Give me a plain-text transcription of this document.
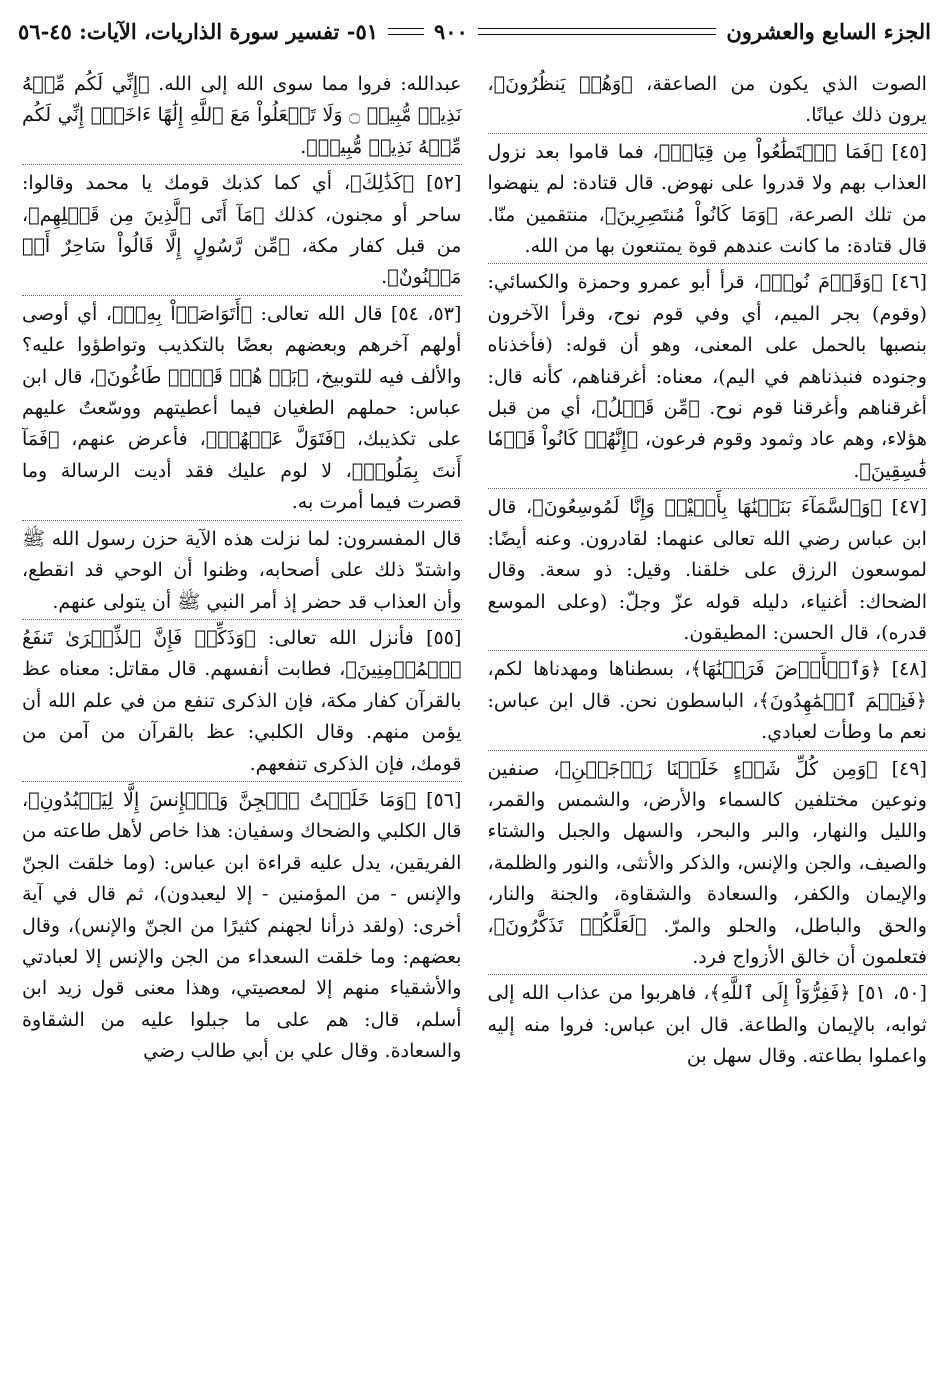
الجزء السابع والعشرون
٩٠٠
٥١- تفسير سورة الذاريات، الآيات: ٤٥-٥٦

الصوت الذي يكون من الصاعقة، ﴿وَهُمۡ يَنظُرُونَ﴾، يرون ذلك عيانًا.

[٤٥] ﴿فَمَا ٱسۡتَطَٰعُواْ مِن قِيَامٖ﴾، فما قاموا بعد نزول العذاب بهم ولا قدروا على نهوض. قال قتادة: لم ينهضوا من تلك الصرعة، ﴿وَمَا كَانُواْ مُنتَصِرِينَ﴾، منتقمين منّا. قال قتادة: ما كانت عندهم قوة يمتنعون بها من الله.

[٤٦] ﴿وَقَوۡمَ نُوحٖ﴾، قرأ أبو عمرو وحمزة والكسائي: (وقوم) بجر الميم، أي وفي قوم نوح، وقرأ الآخرون بنصبها بالحمل على المعنى، وهو أن قوله: (فأخذناه وجنوده فنبذناهم في اليم)، معناه: أغرقناهم، كأنه قال: أغرقناهم وأغرقنا قوم نوح. ﴿مِّن قَبۡلُ﴾، أي من قبل هؤلاء، وهم عاد وثمود وقوم فرعون، ﴿إِنَّهُمۡ كَانُواْ قَوۡمٗا فَٰسِقِينَ﴾.

[٤٧] ﴿وَٱلسَّمَآءَ بَنَيۡنَٰهَا بِأَيۡيْدٖ وَإِنَّا لَمُوسِعُونَ﴾، قال ابن عباس رضي الله تعالى عنهما: لقادرون. وعنه أيضًا: لموسعون الرزق على خلقنا. وقيل: ذو سعة. وقال الضحاك: أغنياء، دليله قوله عزّ وجلّ: (وعلى الموسع قدره)، قال الحسن: المطيقون.

[٤٨] ﴿وَٱلۡأَرۡضَ فَرَشۡنَٰهَا﴾، بسطناها ومهدناها لكم، ﴿فَنِعۡمَ ٱلۡمَٰهِدُونَ﴾، الباسطون نحن. قال ابن عباس: نعم ما وطأت لعبادي.

[٤٩] ﴿وَمِن كُلِّ شَيۡءٍ خَلَقۡنَا زَوۡجَيۡنِ﴾، صنفين ونوعين مختلفين كالسماء والأرض، والشمس والقمر، والليل والنهار، والبر والبحر، والسهل والجبل والشتاء والصيف، والجن والإنس، والذكر والأنثى، والنور والظلمة، والإيمان والكفر، والسعادة والشقاوة، والجنة والنار، والحق والباطل، والحلو والمرّ. ﴿لَعَلَّكُمۡ تَذَكَّرُونَ﴾، فتعلمون أن خالق الأزواج فرد.

[٥٠، ٥١] ﴿فَفِرُّوٓاْ إِلَى ٱللَّهِ﴾، فاهربوا من عذاب الله إلى ثوابه، بالإيمان والطاعة. قال ابن عباس: فروا منه إليه واعملوا بطاعته. وقال سهل بن

عبدالله: فروا مما سوى الله إلى الله. ﴿إِنِّي لَكُم مِّنۡهُ نَذِيرٞ مُّبِينٞ ۝ وَلَا تَجۡعَلُواْ مَعَ ٱللَّهِ إِلَٰهًا ءَاخَرَۖ إِنِّي لَكُم مِّنۡهُ نَذِيرٞ مُّبِينٞ﴾.

[٥٢] ﴿كَذَٰلِكَ﴾، أي كما كذبك قومك يا محمد وقالوا: ساحر أو مجنون، كذلك ﴿مَآ أَتَى ٱلَّذِينَ مِن قَبۡلِهِم﴾، من قبل كفار مكة، ﴿مِّن رَّسُولٍ إِلَّا قَالُواْ سَاحِرٌ أَوۡ مَجۡنُونٌ﴾.

[٥٣، ٥٤] قال الله تعالى: ﴿أَتَوَاصَوۡاْ بِهِۦۚ﴾، أي أوصى أولهم آخرهم وبعضهم بعضًا بالتكذيب وتواطؤوا عليه؟ والألف فيه للتوبيخ، ﴿بَلۡ هُمۡ قَوۡمٞ طَاغُونَ﴾، قال ابن عباس: حملهم الطغيان فيما أعطيتهم ووسّعتُ عليهم على تكذيبك، ﴿فَتَوَلَّ عَنۡهُمۡ﴾، فأعرض عنهم، ﴿فَمَآ أَنتَ بِمَلُومٖ﴾، لا لوم عليك فقد أديت الرسالة وما قصرت فيما أمرت به.

قال المفسرون: لما نزلت هذه الآية حزن رسول الله ﷺ واشتدّ ذلك على أصحابه، وظنوا أن الوحي قد انقطع، وأن العذاب قد حضر إذ أمر النبي ﷺ أن يتولى عنهم.

[٥٥] فأنزل الله تعالى: ﴿وَذَكِّرۡ فَإِنَّ ٱلذِّكۡرَىٰ تَنفَعُ ٱلۡمُؤۡمِنِينَ﴾، فطابت أنفسهم. قال مقاتل: معناه عظ بالقرآن كفار مكة، فإن الذكرى تنفع من في علم الله أن يؤمن منهم. وقال الكلبي: عظ بالقرآن من آمن من قومك، فإن الذكرى تنفعهم.

[٥٦] ﴿وَمَا خَلَقۡتُ ٱلۡجِنَّ وَٱلۡإِنسَ إِلَّا لِيَعۡبُدُونِ﴾، قال الكلبي والضحاك وسفيان: هذا خاص لأهل طاعته من الفريقين، يدل عليه قراءة ابن عباس: (وما خلقت الجنّ والإنس - من المؤمنين - إلا ليعبدون)، ثم قال في آية أخرى: (ولقد ذرأنا لجهنم كثيرًا من الجنّ والإنس)، وقال بعضهم: وما خلقت السعداء من الجن والإنس إلا لعبادتي والأشقياء منهم إلا لمعصيتي، وهذا معنى قول زيد ابن أسلم، قال: هم على ما جبلوا عليه من الشقاوة والسعادة. وقال علي بن أبي طالب رضي
